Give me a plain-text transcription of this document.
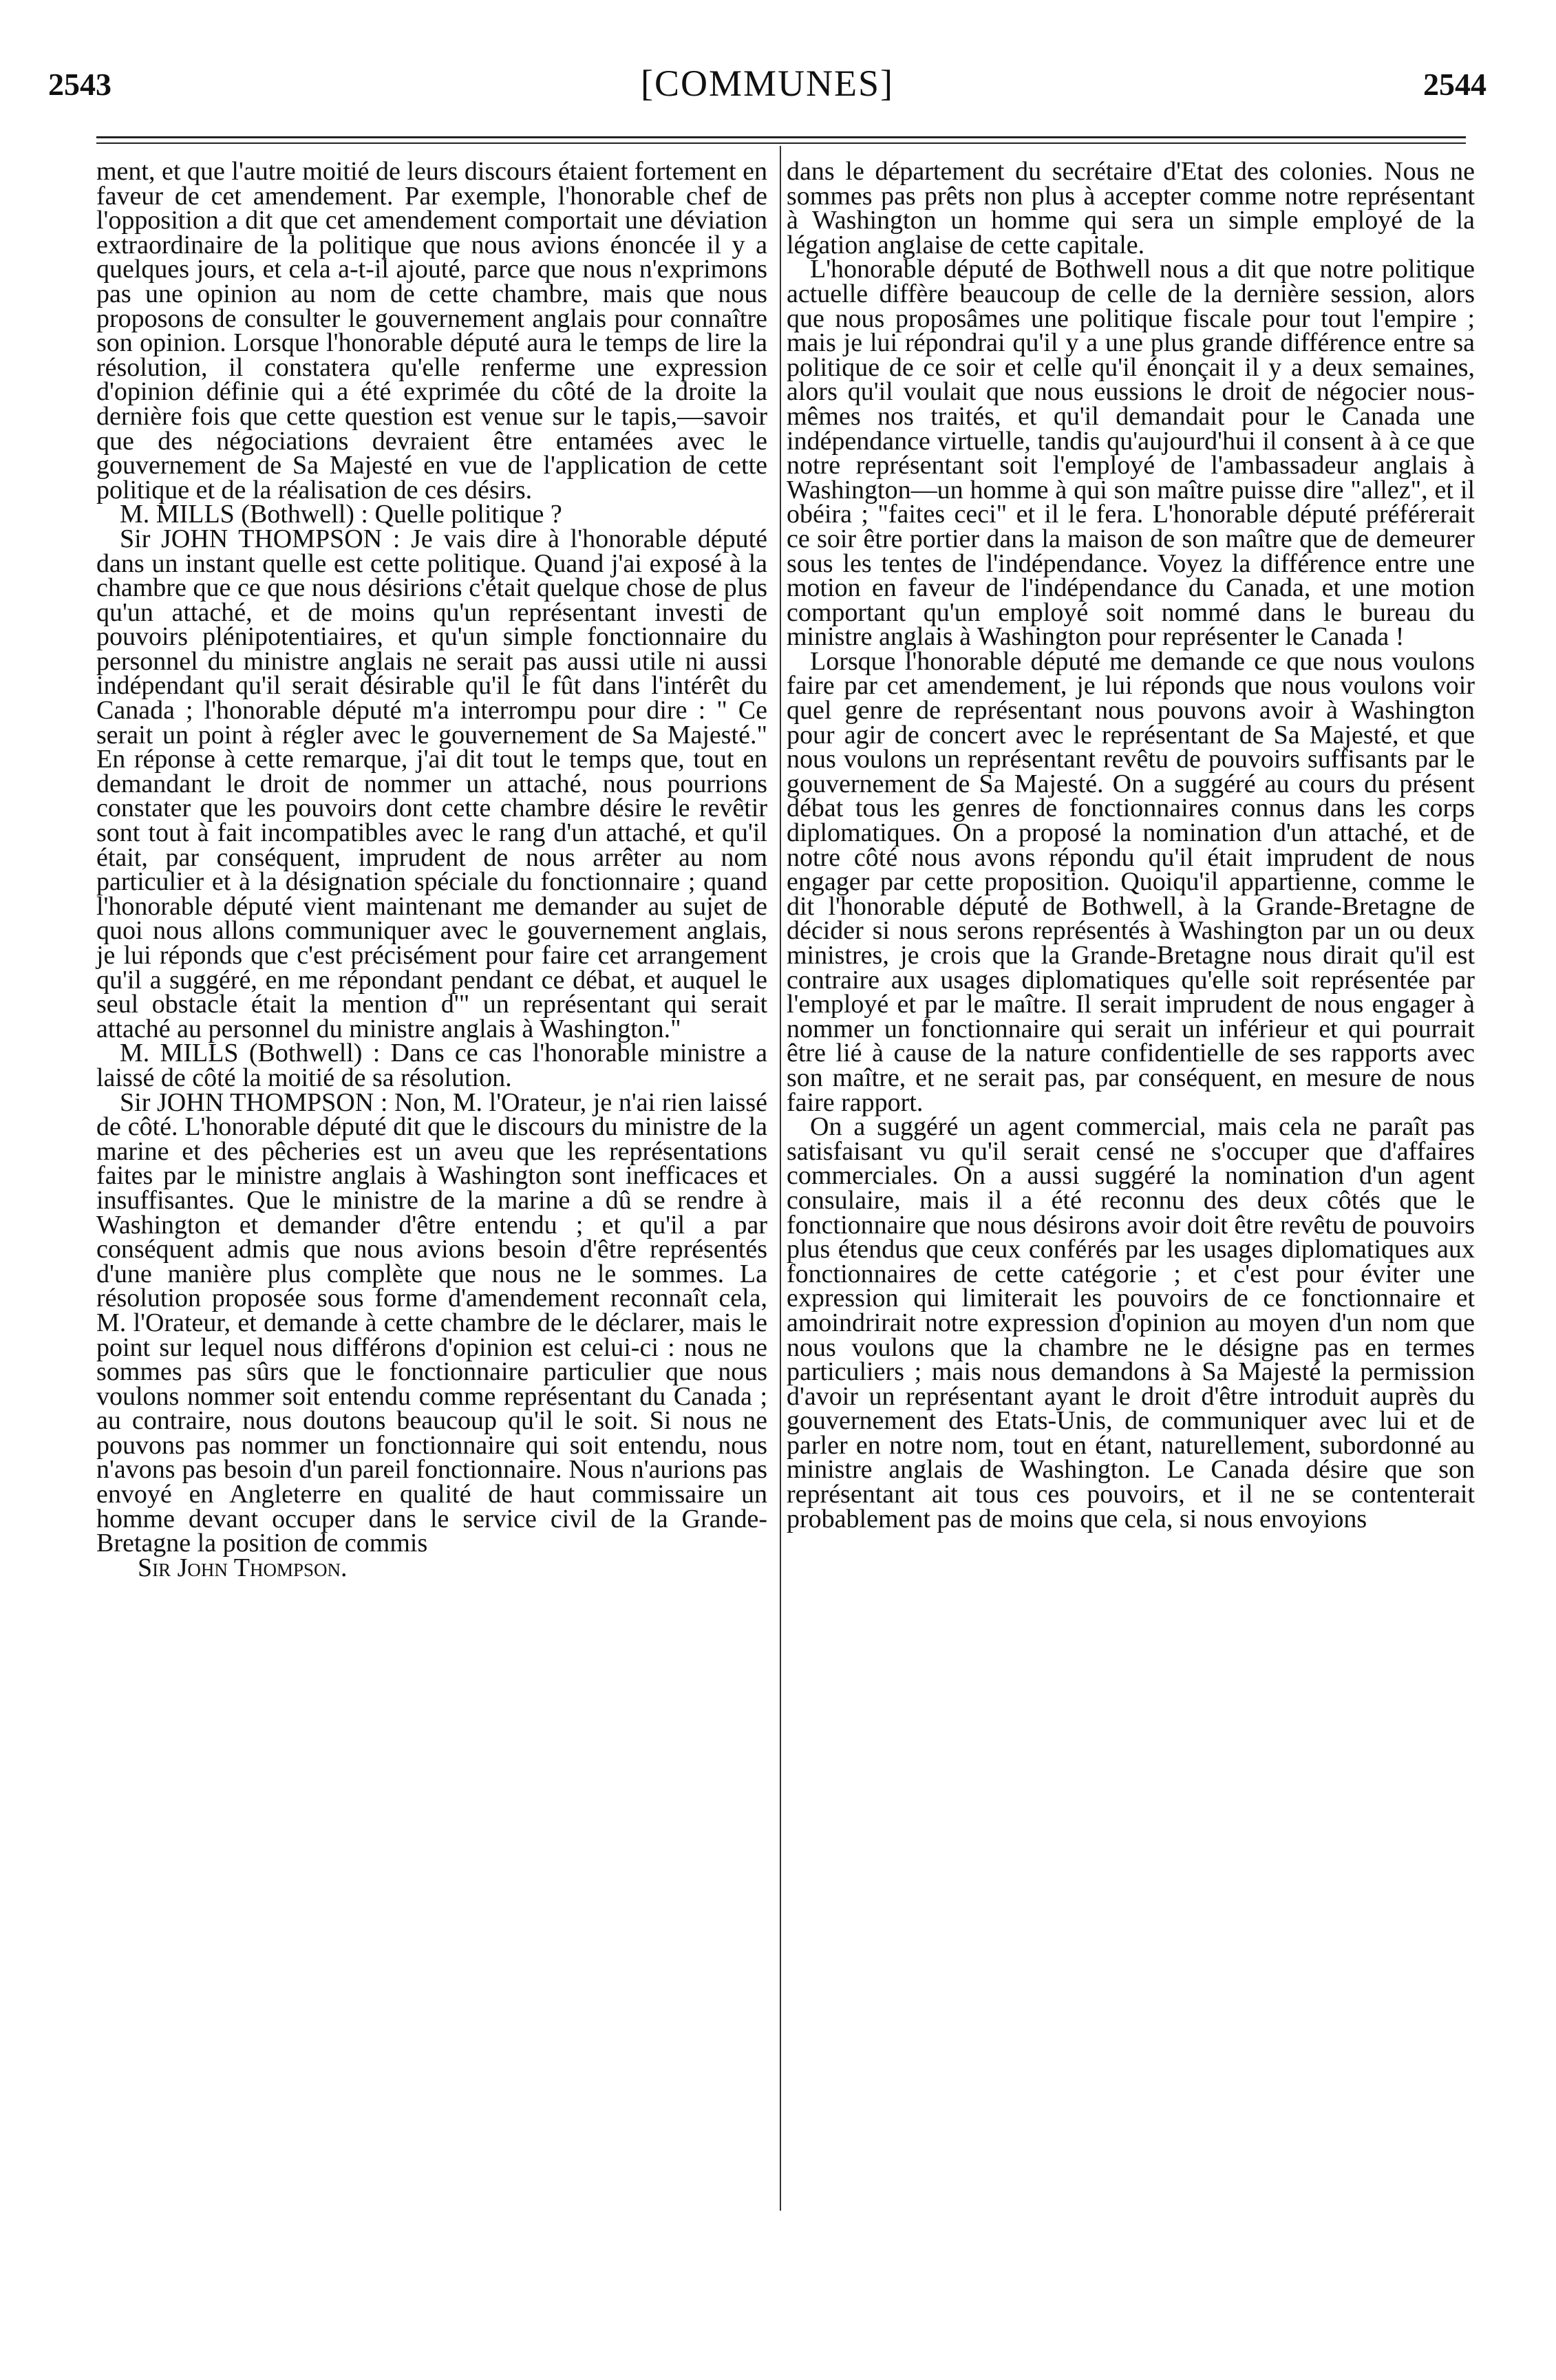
2543	[COMMUNES]	2544

ment, et que l'autre moitié de leurs discours étaient fortement en faveur de cet amendement. Par exemple, l'honorable chef de l'opposition a dit que cet amendement comportait une déviation extraordinaire de la politique que nous avions énoncée il y a quelques jours, et cela a-t-il ajouté, parce que nous n'exprimons pas une opinion au nom de cette chambre, mais que nous proposons de consulter le gouvernement anglais pour connaître son opinion. Lorsque l'honorable député aura le temps de lire la résolution, il constatera qu'elle renferme une expression d'opinion définie qui a été exprimée du côté de la droite la dernière fois que cette question est venue sur le tapis,—savoir que des négociations devraient être entamées avec le gouvernement de Sa Majesté en vue de l'application de cette politique et de la réalisation de ces désirs.

M. MILLS (Bothwell) : Quelle politique ?

Sir JOHN THOMPSON : Je vais dire à l'honorable député dans un instant quelle est cette politique. Quand j'ai exposé à la chambre que ce que nous désirions c'était quelque chose de plus qu'un attaché, et de moins qu'un représentant investi de pouvoirs plénipotentiaires, et qu'un simple fonctionnaire du personnel du ministre anglais ne serait pas aussi utile ni aussi indépendant qu'il serait désirable qu'il le fût dans l'intérêt du Canada ; l'honorable député m'a interrompu pour dire : " Ce serait un point à régler avec le gouvernement de Sa Majesté." En réponse à cette remarque, j'ai dit tout le temps que, tout en demandant le droit de nommer un attaché, nous pourrions constater que les pouvoirs dont cette chambre désire le revêtir sont tout à fait incompatibles avec le rang d'un attaché, et qu'il était, par conséquent, imprudent de nous arrêter au nom particulier et à la désignation spéciale du fonctionnaire ; quand l'honorable député vient maintenant me demander au sujet de quoi nous allons communiquer avec le gouvernement anglais, je lui réponds que c'est précisément pour faire cet arrangement qu'il a suggéré, en me répondant pendant ce débat, et auquel le seul obstacle était la mention d'" un représentant qui serait attaché au personnel du ministre anglais à Washington."

M. MILLS (Bothwell) : Dans ce cas l'honorable ministre a laissé de côté la moitié de sa résolution.

Sir JOHN THOMPSON : Non, M. l'Orateur, je n'ai rien laissé de côté. L'honorable député dit que le discours du ministre de la marine et des pêcheries est un aveu que les représentations faites par le ministre anglais à Washington sont inefficaces et insuffisantes. Que le ministre de la marine a dû se rendre à Washington et demander d'être entendu ; et qu'il a par conséquent admis que nous avions besoin d'être représentés d'une manière plus complète que nous ne le sommes. La résolution proposée sous forme d'amendement reconnaît cela, M. l'Orateur, et demande à cette chambre de le déclarer, mais le point sur lequel nous différons d'opinion est celui-ci : nous ne sommes pas sûrs que le fonctionnaire particulier que nous voulons nommer soit entendu comme représentant du Canada ; au contraire, nous doutons beaucoup qu'il le soit. Si nous ne pouvons pas nommer un fonctionnaire qui soit entendu, nous n'avons pas besoin d'un pareil fonctionnaire. Nous n'aurions pas envoyé en Angleterre en qualité de haut commissaire un homme devant occuper dans le service civil de la Grande-Bretagne la position de commis

Sir John Thompson.

dans le département du secrétaire d'Etat des colonies. Nous ne sommes pas prêts non plus à accepter comme notre représentant à Washington un homme qui sera un simple employé de la légation anglaise de cette capitale.

L'honorable député de Bothwell nous a dit que notre politique actuelle diffère beaucoup de celle de la dernière session, alors que nous proposâmes une politique fiscale pour tout l'empire ; mais je lui répondrai qu'il y a une plus grande différence entre sa politique de ce soir et celle qu'il énonçait il y a deux semaines, alors qu'il voulait que nous eussions le droit de négocier nous-mêmes nos traités, et qu'il demandait pour le Canada une indépendance virtuelle, tandis qu'aujourd'hui il consent à à ce que notre représentant soit l'employé de l'ambassadeur anglais à Washington—un homme à qui son maître puisse dire "allez", et il obéira ; "faites ceci" et il le fera. L'honorable député préférerait ce soir être portier dans la maison de son maître que de demeurer sous les tentes de l'indépendance. Voyez la différence entre une motion en faveur de l'indépendance du Canada, et une motion comportant qu'un employé soit nommé dans le bureau du ministre anglais à Washington pour représenter le Canada !

Lorsque l'honorable député me demande ce que nous voulons faire par cet amendement, je lui réponds que nous voulons voir quel genre de représentant nous pouvons avoir à Washington pour agir de concert avec le représentant de Sa Majesté, et que nous voulons un représentant revêtu de pouvoirs suffisants par le gouvernement de Sa Majesté. On a suggéré au cours du présent débat tous les genres de fonctionnaires connus dans les corps diplomatiques. On a proposé la nomination d'un attaché, et de notre côté nous avons répondu qu'il était imprudent de nous engager par cette proposition. Quoiqu'il appartienne, comme le dit l'honorable député de Bothwell, à la Grande-Bretagne de décider si nous serons représentés à Washington par un ou deux ministres, je crois que la Grande-Bretagne nous dirait qu'il est contraire aux usages diplomatiques qu'elle soit représentée par l'employé et par le maître. Il serait imprudent de nous engager à nommer un fonctionnaire qui serait un inférieur et qui pourrait être lié à cause de la nature confidentielle de ses rapports avec son maître, et ne serait pas, par conséquent, en mesure de nous faire rapport.

On a suggéré un agent commercial, mais cela ne paraît pas satisfaisant vu qu'il serait censé ne s'occuper que d'affaires commerciales. On a aussi suggéré la nomination d'un agent consulaire, mais il a été reconnu des deux côtés que le fonctionnaire que nous désirons avoir doit être revêtu de pouvoirs plus étendus que ceux conférés par les usages diplomatiques aux fonctionnaires de cette catégorie ; et c'est pour éviter une expression qui limiterait les pouvoirs de ce fonctionnaire et amoindrirait notre expression d'opinion au moyen d'un nom que nous voulons que la chambre ne le désigne pas en termes particuliers ; mais nous demandons à Sa Majesté la permission d'avoir un représentant ayant le droit d'être introduit auprès du gouvernement des Etats-Unis, de communiquer avec lui et de parler en notre nom, tout en étant, naturellement, subordonné au ministre anglais de Washington. Le Canada désire que son représentant ait tous ces pouvoirs, et il ne se contenterait probablement pas de moins que cela, si nous envoyions
